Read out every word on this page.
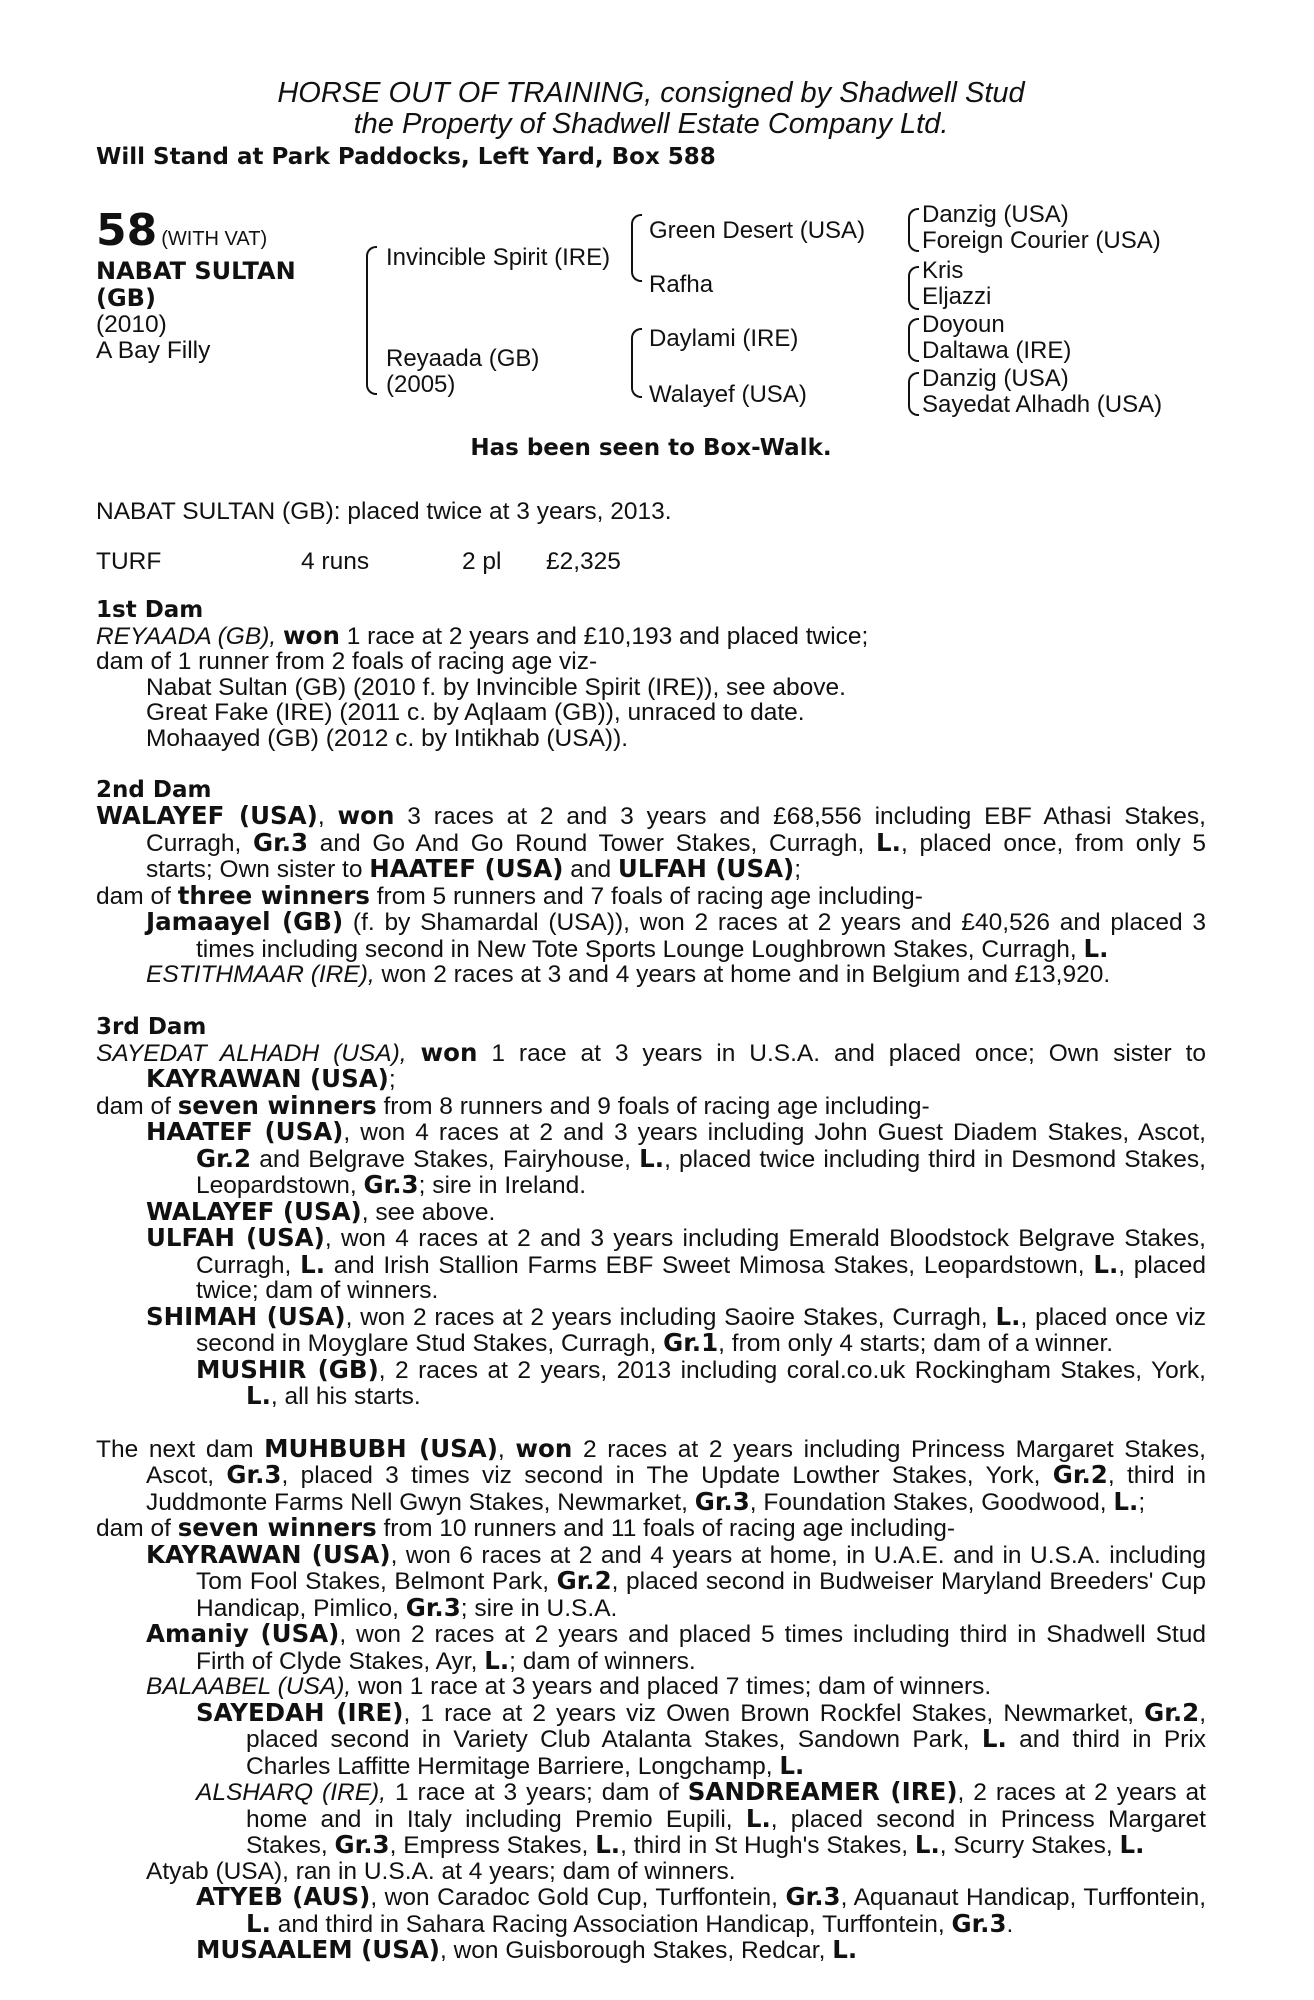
HORSE OUT OF TRAINING, consigned by Shadwell Stud
the Property of Shadwell Estate Company Ltd.
Will Stand at Park Paddocks, Left Yard, Box 588
58 (WITH VAT)
NABAT SULTAN
(GB)
(2010)
A Bay Filly
Invincible Spirit (IRE)
Reyaada (GB)
(2005)
Green Desert (USA)
Rafha
Daylami (IRE)
Walayef (USA)
Danzig (USA)
Foreign Courier (USA)
Kris
Eljazzi
Doyoun
Daltawa (IRE)
Danzig (USA)
Sayedat Alhadh (USA)
Has been seen to Box-Walk.
NABAT SULTAN (GB): placed twice at 3 years, 2013.
TURF	4 runs	2 pl £2,325
1st Dam

REYAADA (GB), won 1 race at 2 years and £10,193 and placed twice;

dam of 1 runner from 2 foals of racing age viz-

Nabat Sultan (GB) (2010 f. by Invincible Spirit (IRE)), see above.

Great Fake (IRE) (2011 c. by Aqlaam (GB)), unraced to date.

Mohaayed (GB) (2012 c. by Intikhab (USA)).

2nd Dam

WALAYEF (USA), won 3 races at 2 and 3 years and £68,556 including EBF Athasi Stakes, Curragh, Gr.3 and Go And Go Round Tower Stakes, Curragh, L., placed once, from only 5 starts; Own sister to HAATEF (USA) and ULFAH (USA);

dam of three winners from 5 runners and 7 foals of racing age including-

Jamaayel (GB) (f. by Shamardal (USA)), won 2 races at 2 years and £40,526 and placed 3 times including second in New Tote Sports Lounge Loughbrown Stakes, Curragh, L.

ESTITHMAAR (IRE), won 2 races at 3 and 4 years at home and in Belgium and £13,920.

3rd Dam

SAYEDAT ALHADH (USA), won 1 race at 3 years in U.S.A. and placed once; Own sister to KAYRAWAN (USA);

dam of seven winners from 8 runners and 9 foals of racing age including-

HAATEF (USA), won 4 races at 2 and 3 years including John Guest Diadem Stakes, Ascot, Gr.2 and Belgrave Stakes, Fairyhouse, L., placed twice including third in Desmond Stakes, Leopardstown, Gr.3; sire in Ireland.

WALAYEF (USA), see above.

ULFAH (USA), won 4 races at 2 and 3 years including Emerald Bloodstock Belgrave Stakes, Curragh, L. and Irish Stallion Farms EBF Sweet Mimosa Stakes, Leopardstown, L., placed twice; dam of winners.

SHIMAH (USA), won 2 races at 2 years including Saoire Stakes, Curragh, L., placed once viz second in Moyglare Stud Stakes, Curragh, Gr.1, from only 4 starts; dam of a winner.

MUSHIR (GB), 2 races at 2 years, 2013 including coral.co.uk Rockingham Stakes, York, L., all his starts.

The next dam MUHBUBH (USA), won 2 races at 2 years including Princess Margaret Stakes, Ascot, Gr.3, placed 3 times viz second in The Update Lowther Stakes, York, Gr.2, third in Juddmonte Farms Nell Gwyn Stakes, Newmarket, Gr.3, Foundation Stakes, Goodwood, L.;

dam of seven winners from 10 runners and 11 foals of racing age including-

KAYRAWAN (USA), won 6 races at 2 and 4 years at home, in U.A.E. and in U.S.A. including Tom Fool Stakes, Belmont Park, Gr.2, placed second in Budweiser Maryland Breeders' Cup Handicap, Pimlico, Gr.3; sire in U.S.A.

Amaniy (USA), won 2 races at 2 years and placed 5 times including third in Shadwell Stud Firth of Clyde Stakes, Ayr, L.; dam of winners.

BALAABEL (USA), won 1 race at 3 years and placed 7 times; dam of winners.

SAYEDAH (IRE), 1 race at 2 years viz Owen Brown Rockfel Stakes, Newmarket, Gr.2, placed second in Variety Club Atalanta Stakes, Sandown Park, L. and third in Prix Charles Laffitte Hermitage Barriere, Longchamp, L.

ALSHARQ (IRE), 1 race at 3 years; dam of SANDREAMER (IRE), 2 races at 2 years at home and in Italy including Premio Eupili, L., placed second in Princess Margaret Stakes, Gr.3, Empress Stakes, L., third in St Hugh's Stakes, L., Scurry Stakes, L.

Atyab (USA), ran in U.S.A. at 4 years; dam of winners.

ATYEB (AUS), won Caradoc Gold Cup, Turffontein, Gr.3, Aquanaut Handicap, Turffontein, L. and third in Sahara Racing Association Handicap, Turffontein, Gr.3.

MUSAALEM (USA), won Guisborough Stakes, Redcar, L.
